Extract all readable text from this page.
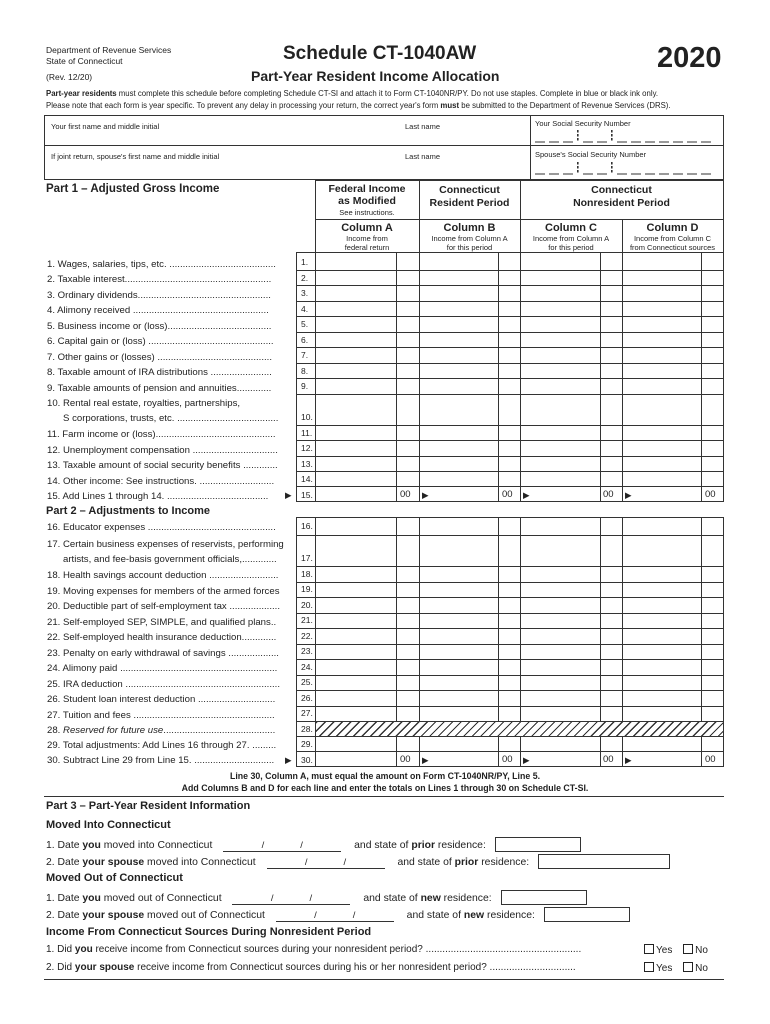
Department of Revenue Services
State of Connecticut
(Rev. 12/20)
Schedule CT-1040AW
Part-Year Resident Income Allocation
2020
Part-year residents must complete this schedule before completing Schedule CT-SI and attach it to Form CT-1040NR/PY. Do not use staples. Complete in blue or black ink only.
Please note that each form is year specific. To prevent any delay in processing your return, the correct year's form must be submitted to the Department of Revenue Services (DRS).
Your first name and middle initial	Last name	Your Social Security Number
If joint return, spouse's first name and middle initial	Last name	Spouse's Social Security Number
Part 1 – Adjusted Gross Income	Federal Income
as Modified
See instructions.
Connecticut
Resident Period
Connecticut
Nonresident Period
Column A
Income from
federal return
Column B
Income from Column A
for this period
Column C
Income from Column A
for this period
Column D
Income from Column C
from Connecticut sources
1. Wages, salaries, tips, etc. ........................................	1.
2. Taxable interest.......................................................	2.
3. Ordinary dividends..................................................	3.
4. Alimony received ...................................................	4.
5. Business income or (loss).......................................	5.
6. Capital gain or (loss) ...............................................	6.
7. Other gains or (losses) ...........................................	7.
8. Taxable amount of IRA distributions .......................	8.
9. Taxable amounts of pension and annuities.............	9.
10. Rental real estate, royalties, partnerships,
S corporations, trusts, etc. ......................................	10.
11. Farm income or (loss).............................................	11.
12. Unemployment compensation ................................	12.
13. Taxable amount of social security benefits .............	13.
14. Other income: See instructions. ............................	14.
15. Add Lines 1 through 14. ...................................... ▶ 15.	00 ▶	00 ▶	00 ▶	00
Part 2 – Adjustments to Income
16. Educator expenses ................................................	16.
17. Certain business expenses of reservists, performing
artists, and fee-basis government officials,.............	17.
18. Health savings account deduction ..........................	18.
19. Moving expenses for members of the armed forces	19.
20. Deductible part of self-employment tax ................... 20.
21. Self-employed SEP, SIMPLE, and qualified plans..	21.
22. Self-employed health insurance deduction.............	22.
23. Penalty on early withdrawal of savings ...................	23.
24. Alimony paid ...........................................................	24.
25. IRA deduction .......................................................... 25.
26. Student loan interest deduction .............................	26.
27. Tuition and fees .....................................................	27.
28. Reserved for future use..........................................	28.
29. Total adjustments: Add Lines 16 through 27. .........	29.
30. Subtract Line 29 from Line 15. .............................. ▶ 30.	00 ▶	00 ▶	00 ▶	00
Line 30, Column A, must equal the amount on Form CT-1040NR/PY, Line 5.
Add Columns B and D for each line and enter the totals on Lines 1 through 30 on Schedule CT-SI.
Part 3 – Part-Year Resident Information
Moved Into Connecticut
1. Date you moved into Connecticut	/	/	and state of prior residence:
2. Date your spouse moved into Connecticut	/	/	and state of prior residence:
Moved Out of Connecticut
1. Date you moved out of Connecticut	/	/	and state of new residence:
2. Date your spouse moved out of Connecticut	/	/	and state of new residence:
Income From Connecticut Sources During Nonresident Period
1. Did you receive income from Connecticut sources during your nonresident period? ........................................................	Yes No
2. Did your spouse receive income from Connecticut sources during his or her nonresident period? ...............................	Yes No
